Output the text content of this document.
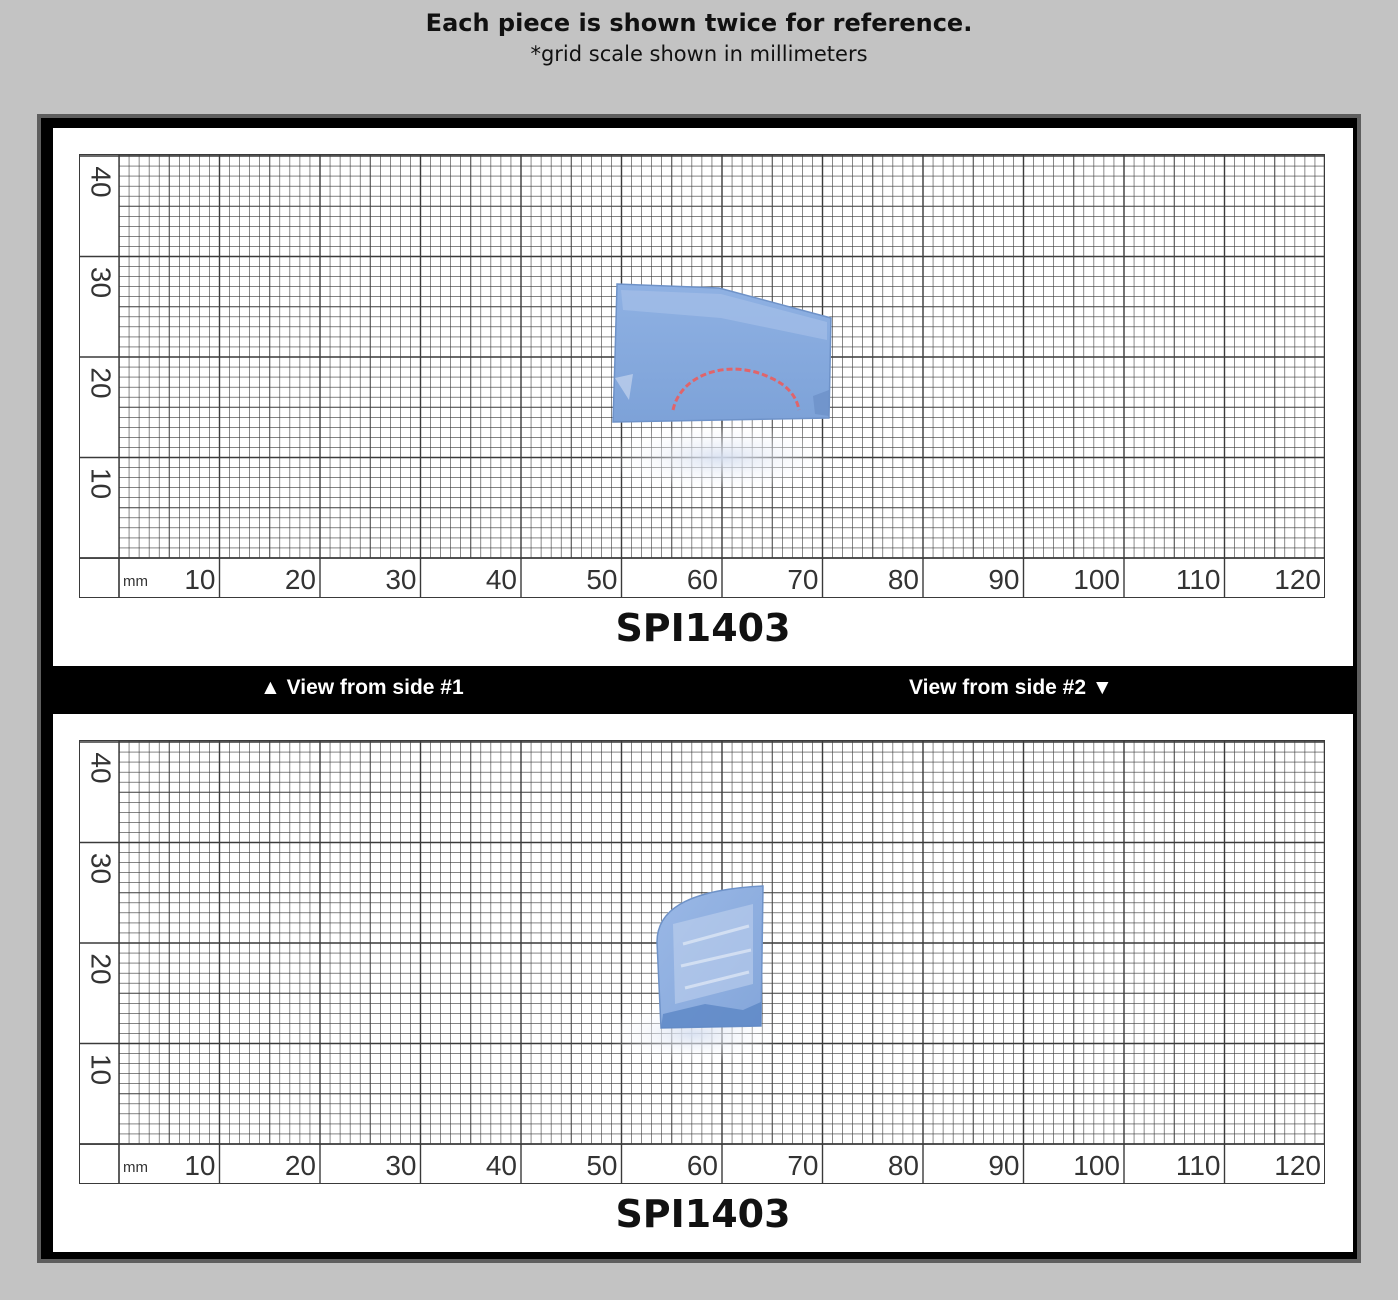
Each piece is shown twice for reference.
*grid scale shown in millimeters
mm 10 20 30 40 50 60 70 80 90 100 110 120
40
30
20
10
SPI1403
▲ View from side #1	View from side #2 ▼
mm 10 20 30 40 50 60 70 80 90 100 110 120
40
30
20
10
SPI1403
